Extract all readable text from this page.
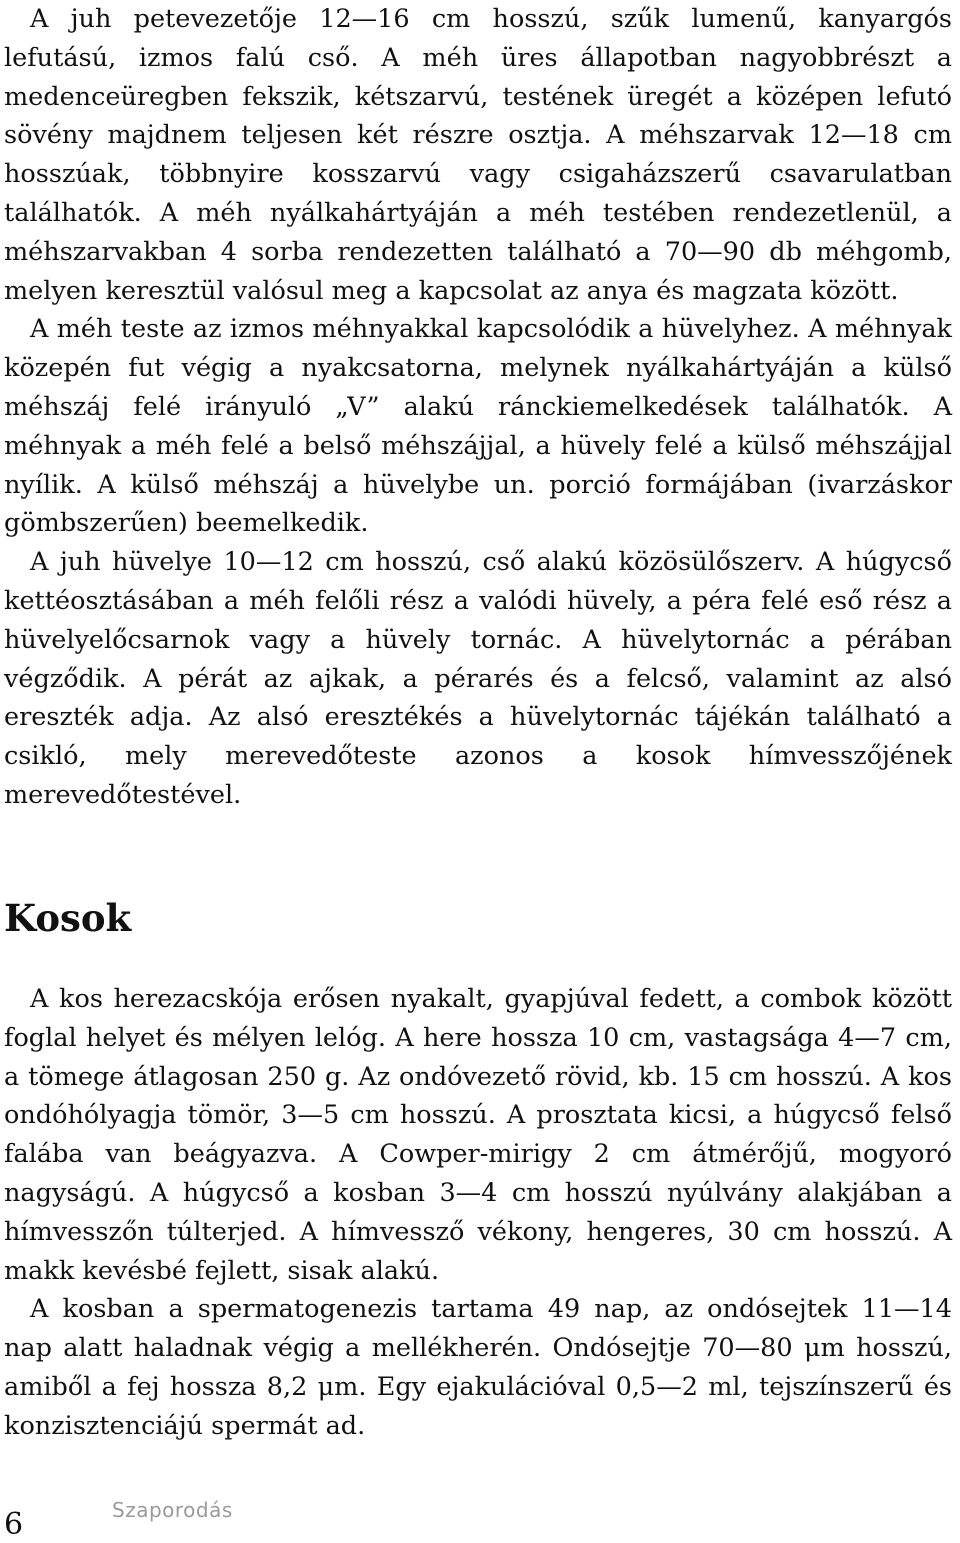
A juh petevezetője 12—16 cm hosszú, szűk lumenű, kanyargós lefutású, izmos falú cső. A méh üres állapotban nagyobbrészt a medenceüregben fekszik, kétszarvú, testének üregét a középen lefutó sövény majdnem teljesen két részre osztja. A méhszarvak 12—18 cm hosszúak, többnyire kosszarvú vagy csigaházszerű csavarulatban találhatók. A méh nyálkahártyáján a méh testében rendezetlenül, a méhszarvakban 4 sorba rendezetten található a 70—90 db méhgomb, melyen keresztül valósul meg a kapcsolat az anya és magzata között.

A méh teste az izmos méhnyakkal kapcsolódik a hüvelyhez. A méhnyak közepén fut végig a nyakcsatorna, melynek nyálkahártyáján a külső méhszáj felé irányuló „V” alakú ránckiemelkedések találhatók. A méhnyak a méh felé a belső méhszájjal, a hüvely felé a külső méhszájjal nyílik. A külső méhszáj a hüvelybe un. porció formájában (ivarzáskor gömbszerűen) beemelkedik.

A juh hüvelye 10—12 cm hosszú, cső alakú közösülőszerv. A húgycső kettéosztásában a méh felőli rész a valódi hüvely, a péra felé eső rész a hüvelyelőcsarnok vagy a hüvely tornác. A hüvelytornác a pérában végződik. A pérát az ajkak, a pérarés és a felcső, valamint az alsó ereszték adja. Az alsó eresztékés a hüvelytornác tájékán található a csikló, mely merevedőteste azonos a kosok hímvesszőjének merevedőtestével.

Kosok

A kos herezacskója erősen nyakalt, gyapjúval fedett, a combok között foglal helyet és mélyen lelóg. A here hossza 10 cm, vastagsága 4—7 cm, a tömege átlagosan 250 g. Az ondóvezető rövid, kb. 15 cm hosszú. A kos ondóhólyagja tömör, 3—5 cm hosszú. A prosztata kicsi, a húgycső felső falába van beágyazva. A Cowper-mirigy 2 cm átmérőjű, mogyoró nagyságú. A húgycső a kosban 3—4 cm hosszú nyúlvány alakjában a hímvesszőn túlterjed. A hímvessző vékony, hengeres, 30 cm hosszú. A makk kevésbé fejlett, sisak alakú.

A kosban a spermatogenezis tartama 49 nap, az ondósejtek 11—14 nap alatt haladnak végig a mellékherén. Ondósejtje 70—80 μm hosszú, amiből a fej hossza 8,2 μm. Egy ejakulációval 0,5—2 ml, tejszínszerű és konzisztenciájú spermát ad.

6	Szaporodás
